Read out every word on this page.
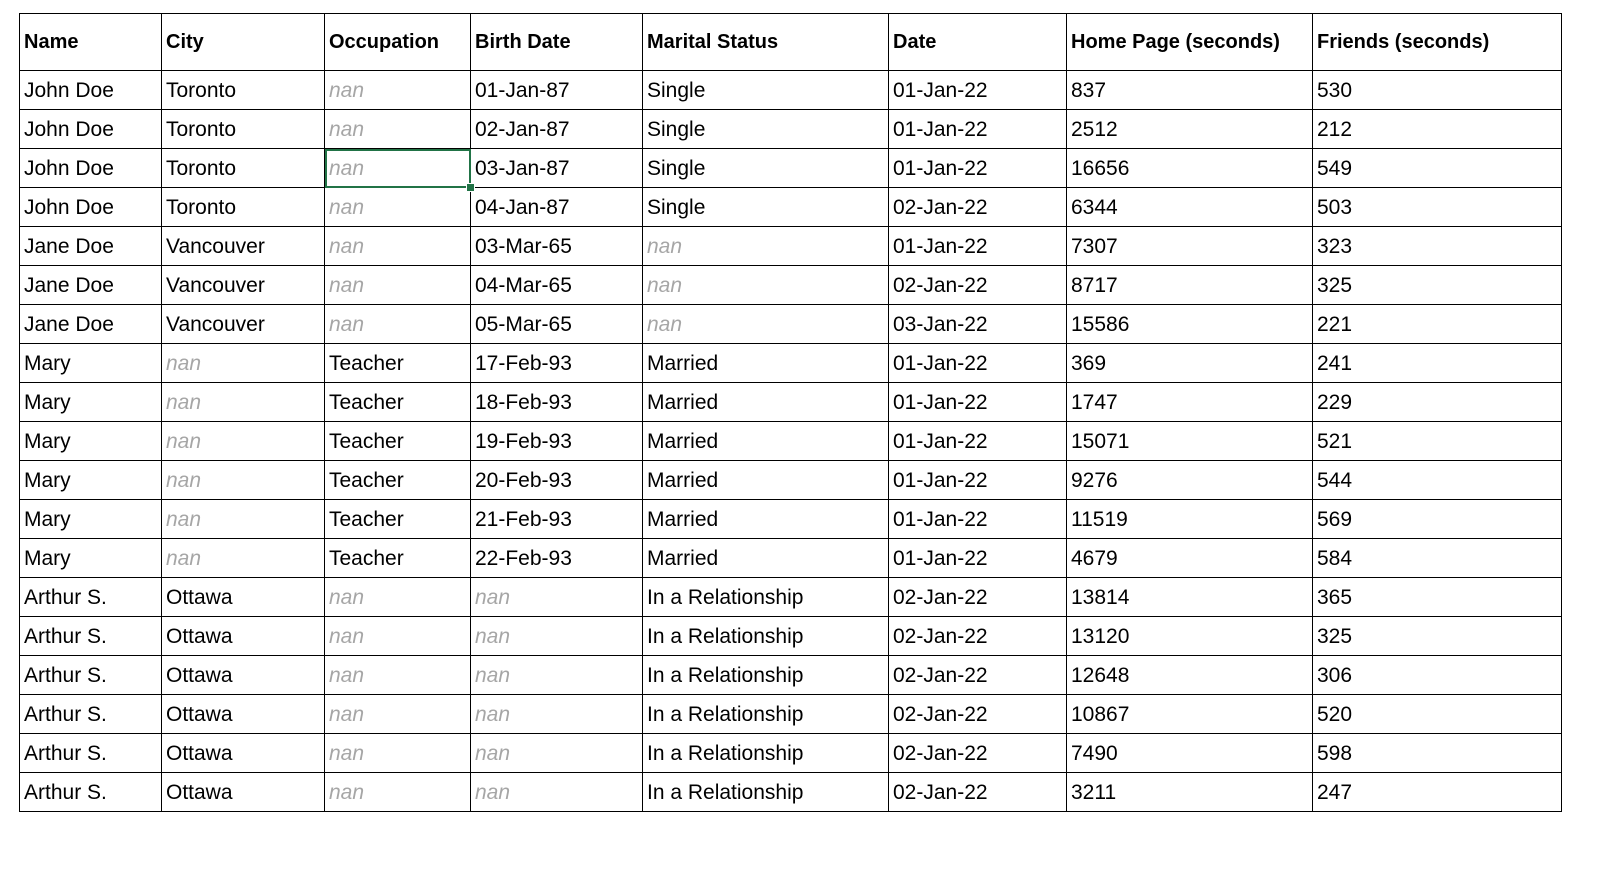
Name	City	Occupation	Birth Date	Marital Status	Date	Home Page (seconds)	Friends (seconds)
John Doe	Toronto	nan	01-Jan-87	Single	01-Jan-22	837	530
John Doe	Toronto	nan	02-Jan-87	Single	01-Jan-22	2512	212
John Doe	Toronto	nan	03-Jan-87	Single	01-Jan-22	16656	549
John Doe	Toronto	nan	04-Jan-87	Single	02-Jan-22	6344	503
Jane Doe	Vancouver	nan	03-Mar-65	nan	01-Jan-22	7307	323
Jane Doe	Vancouver	nan	04-Mar-65	nan	02-Jan-22	8717	325
Jane Doe	Vancouver	nan	05-Mar-65	nan	03-Jan-22	15586	221
Mary	nan	Teacher	17-Feb-93	Married	01-Jan-22	369	241
Mary	nan	Teacher	18-Feb-93	Married	01-Jan-22	1747	229
Mary	nan	Teacher	19-Feb-93	Married	01-Jan-22	15071	521
Mary	nan	Teacher	20-Feb-93	Married	01-Jan-22	9276	544
Mary	nan	Teacher	21-Feb-93	Married	01-Jan-22	11519	569
Mary	nan	Teacher	22-Feb-93	Married	01-Jan-22	4679	584
Arthur S.	Ottawa	nan	nan	In a Relationship	02-Jan-22	13814	365
Arthur S.	Ottawa	nan	nan	In a Relationship	02-Jan-22	13120	325
Arthur S.	Ottawa	nan	nan	In a Relationship	02-Jan-22	12648	306
Arthur S.	Ottawa	nan	nan	In a Relationship	02-Jan-22	10867	520
Arthur S.	Ottawa	nan	nan	In a Relationship	02-Jan-22	7490	598
Arthur S.	Ottawa	nan	nan	In a Relationship	02-Jan-22	3211	247
